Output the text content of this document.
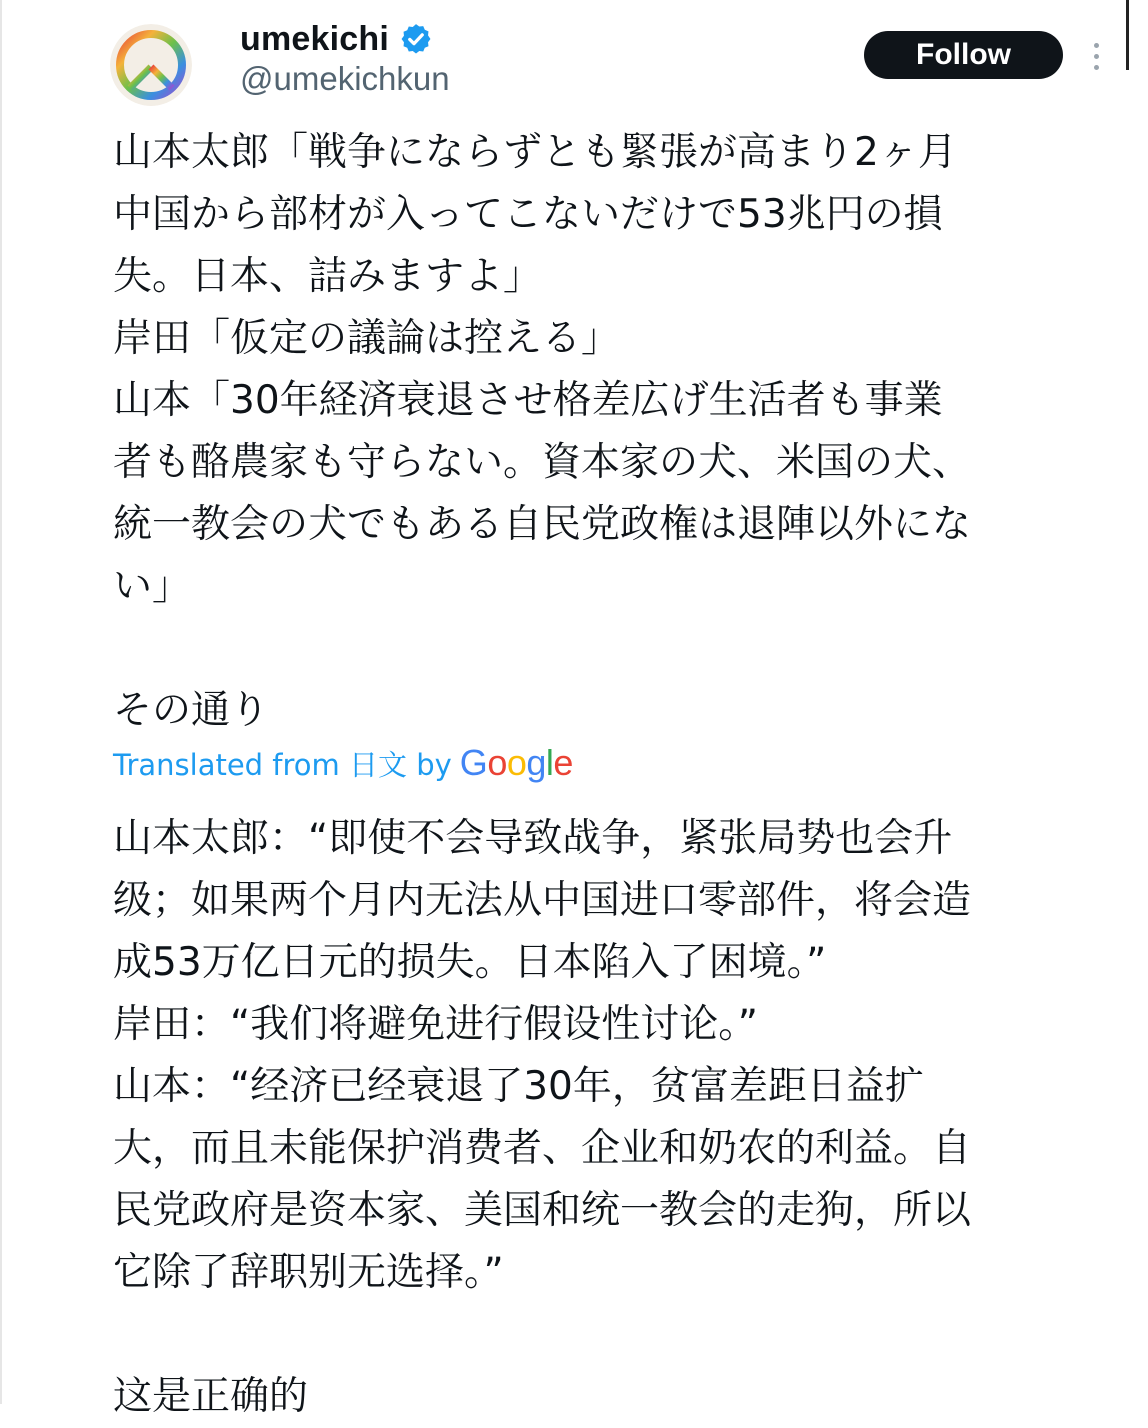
umekichi
@umekichkun
Follow
山本太郎「戦争にならずとも緊張が高まり2ヶ月
中国から部材が入ってこないだけで53兆円の損
失。日本、詰みますよ」
岸田「仮定の議論は控える」
山本「30年経済衰退させ格差広げ生活者も事業
者も酪農家も守らない。資本家の犬、米国の犬、
統一教会の犬でもある自民党政権は退陣以外にな
い」
その通り
Translated from 日文 by Google
山本太郎：“即使不会导致战争，紧张局势也会升
级；如果两个月内无法从中国进口零部件，将会造
成53万亿日元的损失。日本陷入了困境。”
岸田：“我们将避免进行假设性讨论。”
山本：“经济已经衰退了30年，贫富差距日益扩
大，而且未能保护消费者、企业和奶农的利益。自
民党政府是资本家、美国和统一教会的走狗，所以
它除了辞职别无选择。”
这是正确的
